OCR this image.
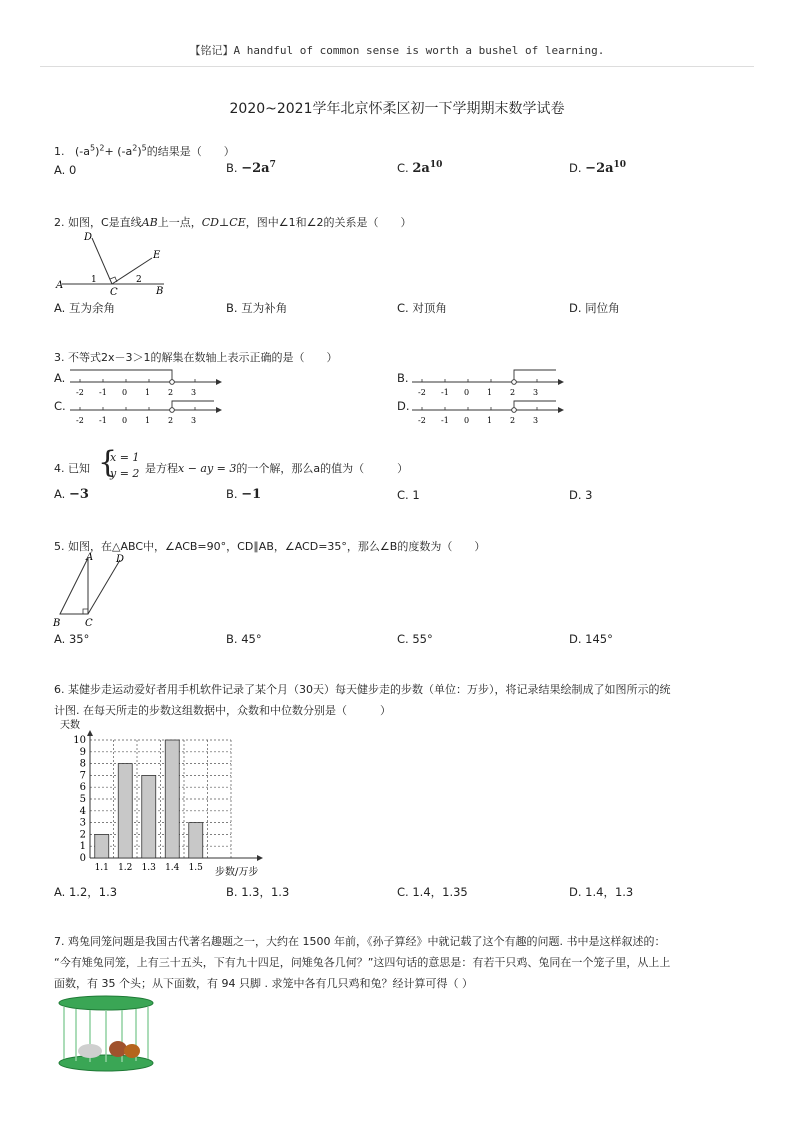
【铭记】A handful of common sense is worth a bushel of learning.
2020~2021学年北京怀柔区初一下学期期末数学试卷
1. $(-a^5)^2+ (-a^2)^5$的结果是（　　）
A. 0	B. $-2a^7$	C. $2a^{10}$	D. $-2a^{10}$
2. 如图，C是直线AB上一点，CD⊥CE，图中∠1和∠2的关系是（　　）
D
E
A
B
C
1	2
A. 互为余角	B. 互为补角	C. 对顶角	D. 同位角
3. 不等式2x－3＞1的解集在数轴上表示正确的是（　　）
A.	B.
C.	D.
-2 -1 0 1 2 3	-2 -1 0 1 2 3
-2 -1 0 1 2 3	-2 -1 0 1 2 3
4. 已知 {
x = 1
y = 2 是方程x − ay = 3的一个解，那么a的值为（　　　）
A. −3	B. −1	C. 1	D. 3
5. 如图，在△ABC中，∠ACB=90°，CD∥AB，∠ACD=35°，那么∠B的度数为（　　）
A D
B C
A. 35°	B. 45°	C. 55°	D. 145°
6. 某健步走运动爱好者用手机软件记录了某个月（30天）每天健步走的步数（单位：万步），将记录结果绘制成了如图所示的统
计图. 在每天所走的步数这组数据中，众数和中位数分别是（　　　）
0
1
2
3
4
5
6
7
8
9
10
1.1 1.2 1.3 1.4 1.5
天数
步数/万步
A. 1.2，1.3	B. 1.3，1.3	C. 1.4，1.35	D. 1.4，1.3
7. 鸡兔同笼问题是我国古代著名趣题之一，大约在 1500 年前，《孙子算经》中就记载了这个有趣的问题. 书中是这样叙述的：
“今有雉兔同笼，上有三十五头，下有九十四足，问雉兔各几何？”这四句话的意思是：有若干只鸡、兔同在一个笼子里，从上上
面数，有 35 个头；从下面数，有 94 只脚 . 求笼中各有几只鸡和兔？经计算可得（ ）
